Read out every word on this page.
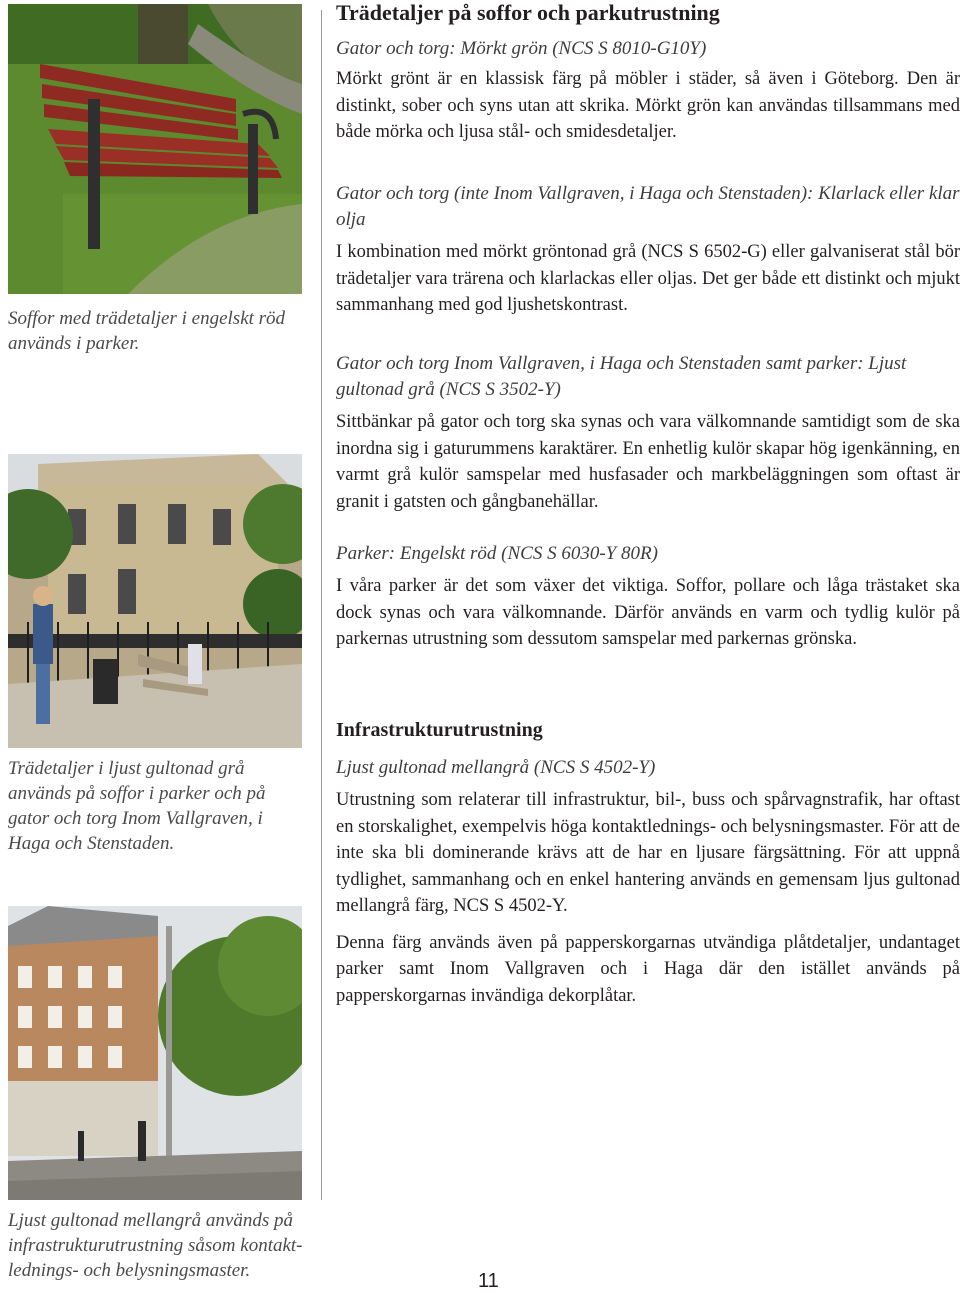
Soffor med trädetaljer i engelskt röd används i parker.
Trädetaljer i ljust gultonad grå används på soffor i parker och på gator och torg Inom Vallgraven, i Haga och Stenstaden.
Ljust gultonad mellangrå används på infrastrukturutrustning såsom kontakt-lednings- och belysningsmaster.
Trädetaljer på soffor och parkutrustning

Gator och torg: Mörkt grön (NCS S 8010-G10Y)

Mörkt grönt är en klassisk färg på möbler i städer, så även i Göteborg. Den är distinkt, sober och syns utan att skrika. Mörkt grön kan användas tillsammans med både mörka och ljusa stål- och smidesdetaljer.

Gator och torg (inte Inom Vallgraven, i Haga och Stenstaden): Klarlack eller klar olja

I kombination med mörkt gröntonad grå (NCS S 6502-G) eller galvaniserat stål bör trädetaljer vara trärena och klarlackas eller oljas. Det ger både ett distinkt och mjukt sammanhang med god ljushetskontrast.

Gator och torg Inom Vallgraven, i Haga och Stenstaden samt parker: Ljust gultonad grå (NCS S 3502-Y)

Sittbänkar på gator och torg ska synas och vara välkomnande samtidigt som de ska inordna sig i gaturummens karaktärer. En enhetlig kulör skapar hög igenkänning, en varmt grå kulör samspelar med husfasader och markbeläggningen som oftast är granit i gatsten och gångbanehällar.

Parker: Engelskt röd (NCS S 6030-Y 80R)

I våra parker är det som växer det viktiga. Soffor, pollare och låga trästaket ska dock synas och vara välkomnande. Därför används en varm och tydlig kulör på parkernas utrustning som dessutom samspelar med parkernas grönska.

Infrastrukturutrustning

Ljust gultonad mellangrå (NCS S 4502-Y)

Utrustning som relaterar till infrastruktur, bil-, buss och spårvagnstrafik, har oftast en storskalighet, exempelvis höga kontaktlednings- och belysningsmaster. För att de inte ska bli dominerande krävs att de har en ljusare färgsättning. För att uppnå tydlighet, sammanhang och en enkel hantering används en gemensam ljus gultonad mellangrå färg, NCS S 4502-Y.

Denna färg används även på papperskorgarnas utvändiga plåtdetaljer, undantaget parker samt Inom Vallgraven och i Haga där den istället används på papperskorgarnas invändiga dekorplåtar.

11
